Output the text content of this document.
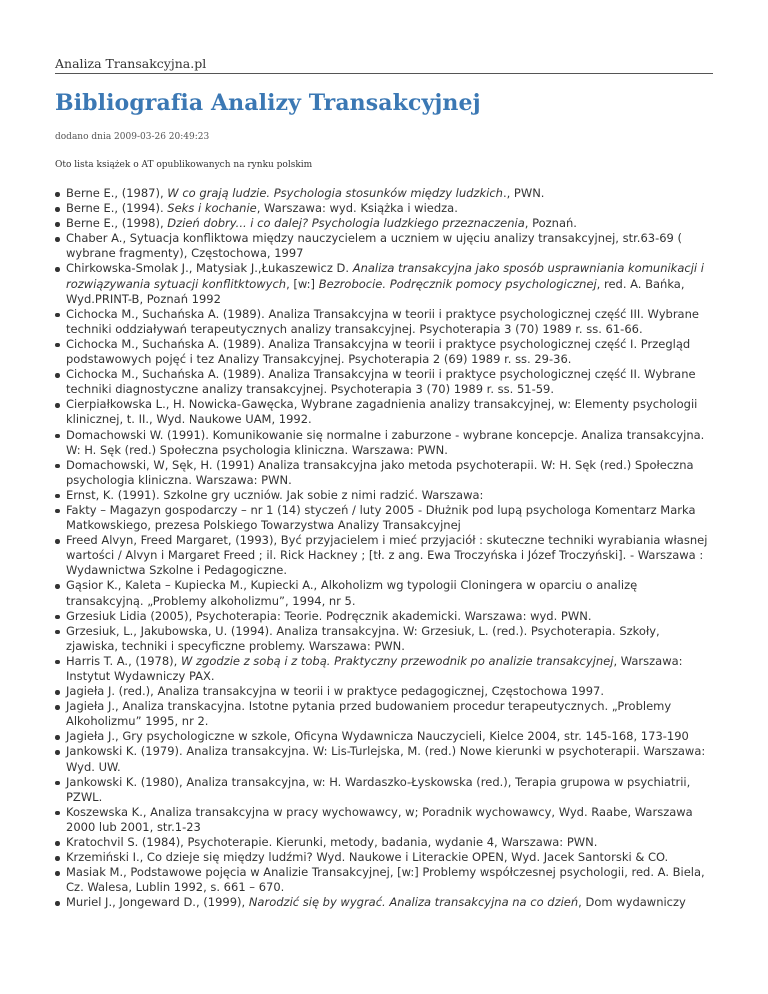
Analiza Transakcyjna.pl
Bibliografia Analizy Transakcyjnej
dodano dnia 2009-03-26 20:49:23
Oto lista książek o AT opublikowanych na rynku polskim
Berne E., (1987), W co grają ludzie. Psychologia stosunków między ludzkich., PWN.
Berne E., (1994). Seks i kochanie, Warszawa: wyd. Książka i wiedza.
Berne E., (1998), Dzień dobry... i co dalej? Psychologia ludzkiego przeznaczenia, Poznań.
Chaber A., Sytuacja konfliktowa między nauczycielem a uczniem w ujęciu analizy transakcyjnej, str.63-69 ( wybrane fragmenty), Częstochowa, 1997
Chirkowska-Smolak J., Matysiak J.,Łukaszewicz D. Analiza transakcyjna jako sposób usprawniania komunikacji i rozwiązywania sytuacji konflitktowych, [w:] Bezrobocie. Podręcznik pomocy psychologicznej, red. A. Bańka, Wyd.PRINT-B, Poznań 1992
Cichocka M., Suchańska A. (1989). Analiza Transakcyjna w teorii i praktyce psychologicznej część III. Wybrane techniki oddziaływań terapeutycznych analizy transakcyjnej. Psychoterapia 3 (70) 1989 r. ss. 61-66.
Cichocka M., Suchańska A. (1989). Analiza Transakcyjna w teorii i praktyce psychologicznej część I. Przegląd podstawowych pojęć i tez Analizy Transakcyjnej. Psychoterapia 2 (69) 1989 r. ss. 29-36.
Cichocka M., Suchańska A. (1989). Analiza Transakcyjna w teorii i praktyce psychologicznej część II. Wybrane techniki diagnostyczne analizy transakcyjnej. Psychoterapia 3 (70) 1989 r. ss. 51-59.
Cierpiałkowska L., H. Nowicka-Gawęcka, Wybrane zagadnienia analizy transakcyjnej, w: Elementy psychologii klinicznej, t. II., Wyd. Naukowe UAM, 1992.
Domachowski W. (1991). Komunikowanie się normalne i zaburzone - wybrane koncepcje. Analiza transakcyjna. W: H. Sęk (red.) Społeczna psychologia kliniczna. Warszawa: PWN.
Domachowski, W, Sęk, H. (1991) Analiza transakcyjna jako metoda psychoterapii. W: H. Sęk (red.) Społeczna psychologia kliniczna. Warszawa: PWN.
Ernst, K. (1991). Szkolne gry uczniów. Jak sobie z nimi radzić. Warszawa:
Fakty – Magazyn gospodarczy – nr 1 (14) styczeń / luty 2005 - Dłużnik pod lupą psychologa Komentarz Marka Matkowskiego, prezesa Polskiego Towarzystwa Analizy Transakcyjnej
Freed Alvyn, Freed Margaret, (1993), Być przyjacielem i mieć przyjaciół : skuteczne techniki wyrabiania własnej wartości / Alvyn i Margaret Freed ; il. Rick Hackney ; [tł. z ang. Ewa Troczyńska i Józef Troczyński]. - Warszawa : Wydawnictwa Szkolne i Pedagogiczne.
Gąsior K., Kaleta – Kupiecka M., Kupiecki A., Alkoholizm wg typologii Cloningera w oparciu o analizę transakcyjną. „Problemy alkoholizmu”, 1994, nr 5.
Grzesiuk Lidia (2005), Psychoterapia: Teorie. Podręcznik akademicki. Warszawa: wyd. PWN.
Grzesiuk, L., Jakubowska, U. (1994). Analiza transakcyjna. W: Grzesiuk, L. (red.). Psychoterapia. Szkoły, zjawiska, techniki i specyficzne problemy. Warszawa: PWN.
Harris T. A., (1978), W zgodzie z sobą i z tobą. Praktyczny przewodnik po analizie transakcyjnej, Warszawa: Instytut Wydawniczy PAX.
Jagieła J. (red.), Analiza transakcyjna w teorii i w praktyce pedagogicznej, Częstochowa 1997.
Jagieła J., Analiza transkacyjna. Istotne pytania przed budowaniem procedur terapeutycznych. „Problemy Alkoholizmu” 1995, nr 2.
Jagieła J., Gry psychologiczne w szkole, Oficyna Wydawnicza Nauczycieli, Kielce 2004, str. 145-168, 173-190
Jankowski K. (1979). Analiza transakcyjna. W: Lis-Turlejska, M. (red.) Nowe kierunki w psychoterapii. Warszawa: Wyd. UW.
Jankowski K. (1980), Analiza transakcyjna, w: H. Wardaszko-Łyskowska (red.), Terapia grupowa w psychiatrii, PZWL.
Koszewska K., Analiza transakcyjna w pracy wychowawcy, w; Poradnik wychowawcy, Wyd. Raabe, Warszawa 2000 lub 2001, str.1-23
Kratochvil S. (1984), Psychoterapie. Kierunki, metody, badania, wydanie 4, Warszawa: PWN.
Krzemiński I., Co dzieje się między ludźmi? Wyd. Naukowe i Literackie OPEN, Wyd. Jacek Santorski & CO.
Masiak M., Podstawowe pojęcia w Analizie Transakcyjnej, [w:] Problemy współczesnej psychologii, red. A. Biela, Cz. Walesa, Lublin 1992, s. 661 – 670.
Muriel J., Jongeward D., (1999), Narodzić się by wygrać. Analiza transakcyjna na co dzień, Dom wydawniczy
